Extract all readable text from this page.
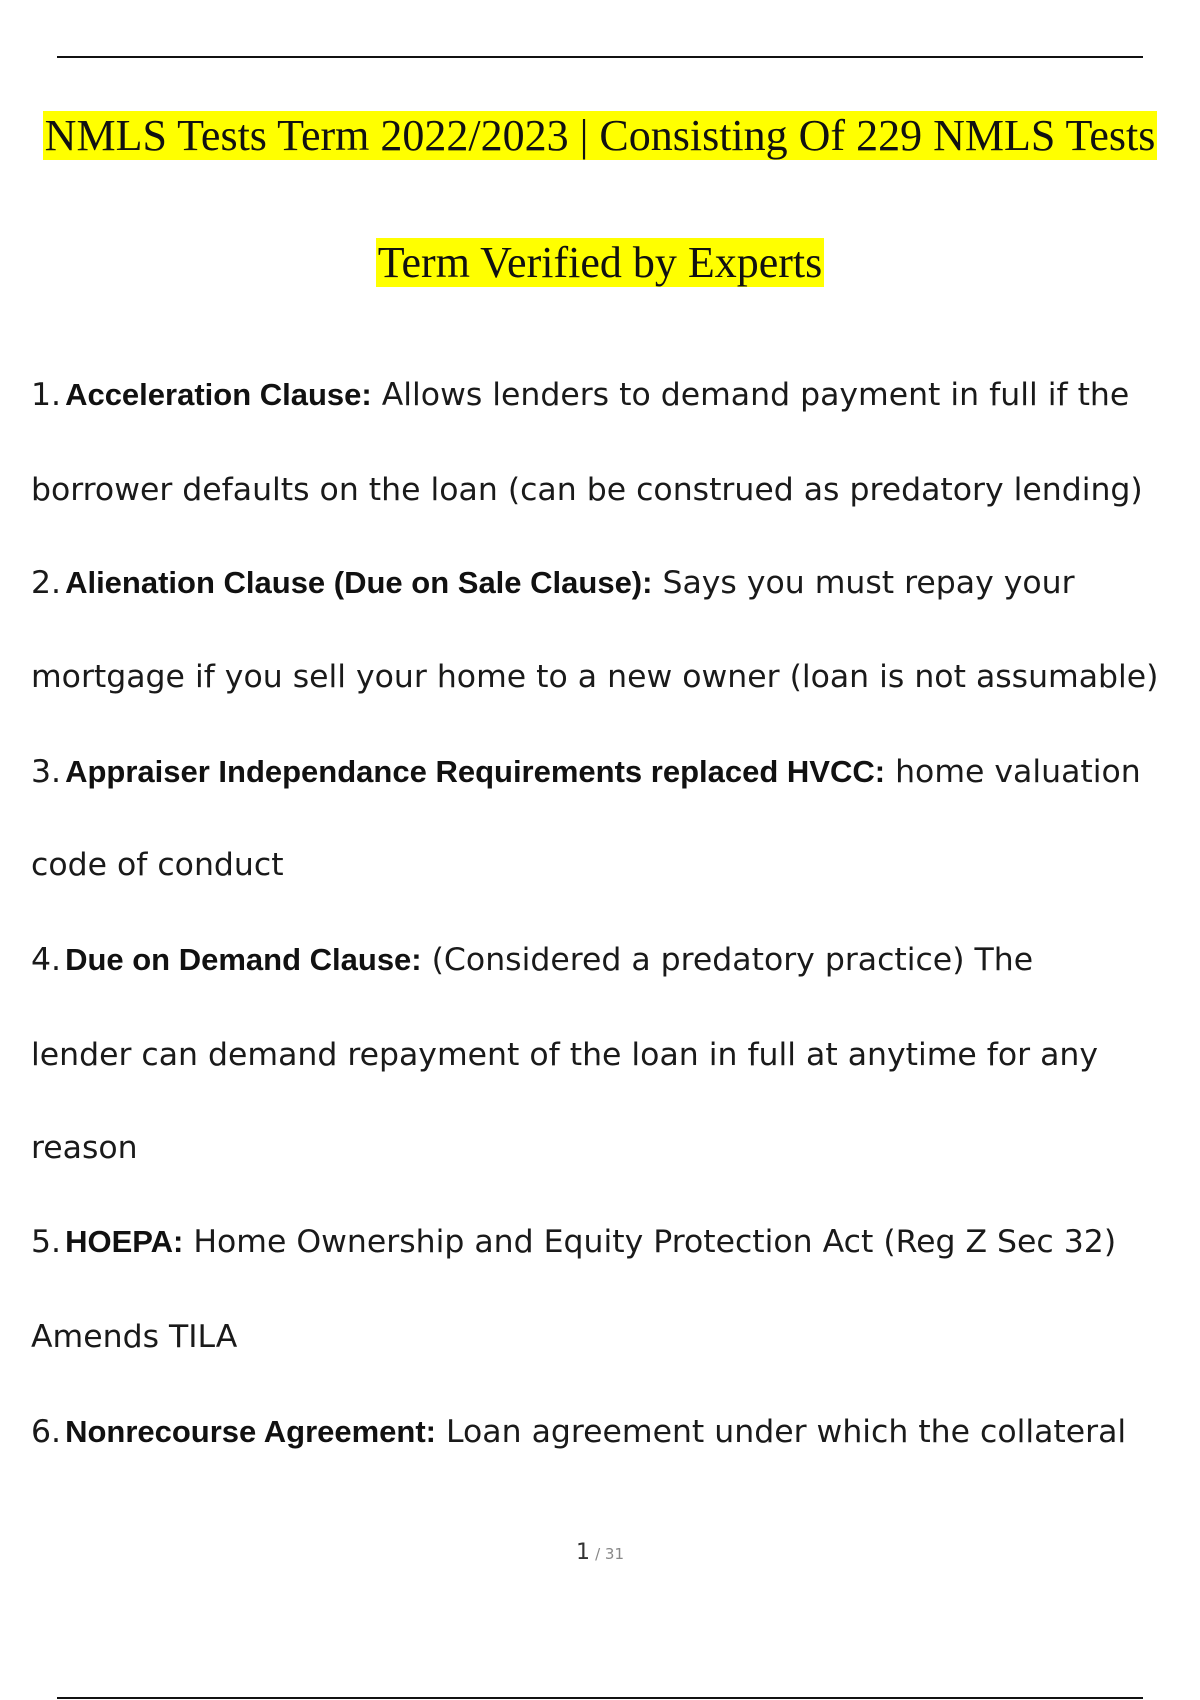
NMLS Tests Term 2022/2023 | Consisting Of 229 NMLS Tests
Term Verified by Experts
1. Acceleration Clause: Allows lenders to demand payment in full if the
borrower defaults on the loan (can be construed as predatory lending)
2. Alienation Clause (Due on Sale Clause): Says you must repay your
mortgage if you sell your home to a new owner (loan is not assumable)
3. Appraiser Independance Requirements replaced HVCC: home valuation
code of conduct
4. Due on Demand Clause: (Considered a predatory practice) The
lender can demand repayment of the loan in full at anytime for any
reason
5. HOEPA: Home Ownership and Equity Protection Act (Reg Z Sec 32)
Amends TILA
6. Nonrecourse Agreement: Loan agreement under which the collateral
1 / 31
